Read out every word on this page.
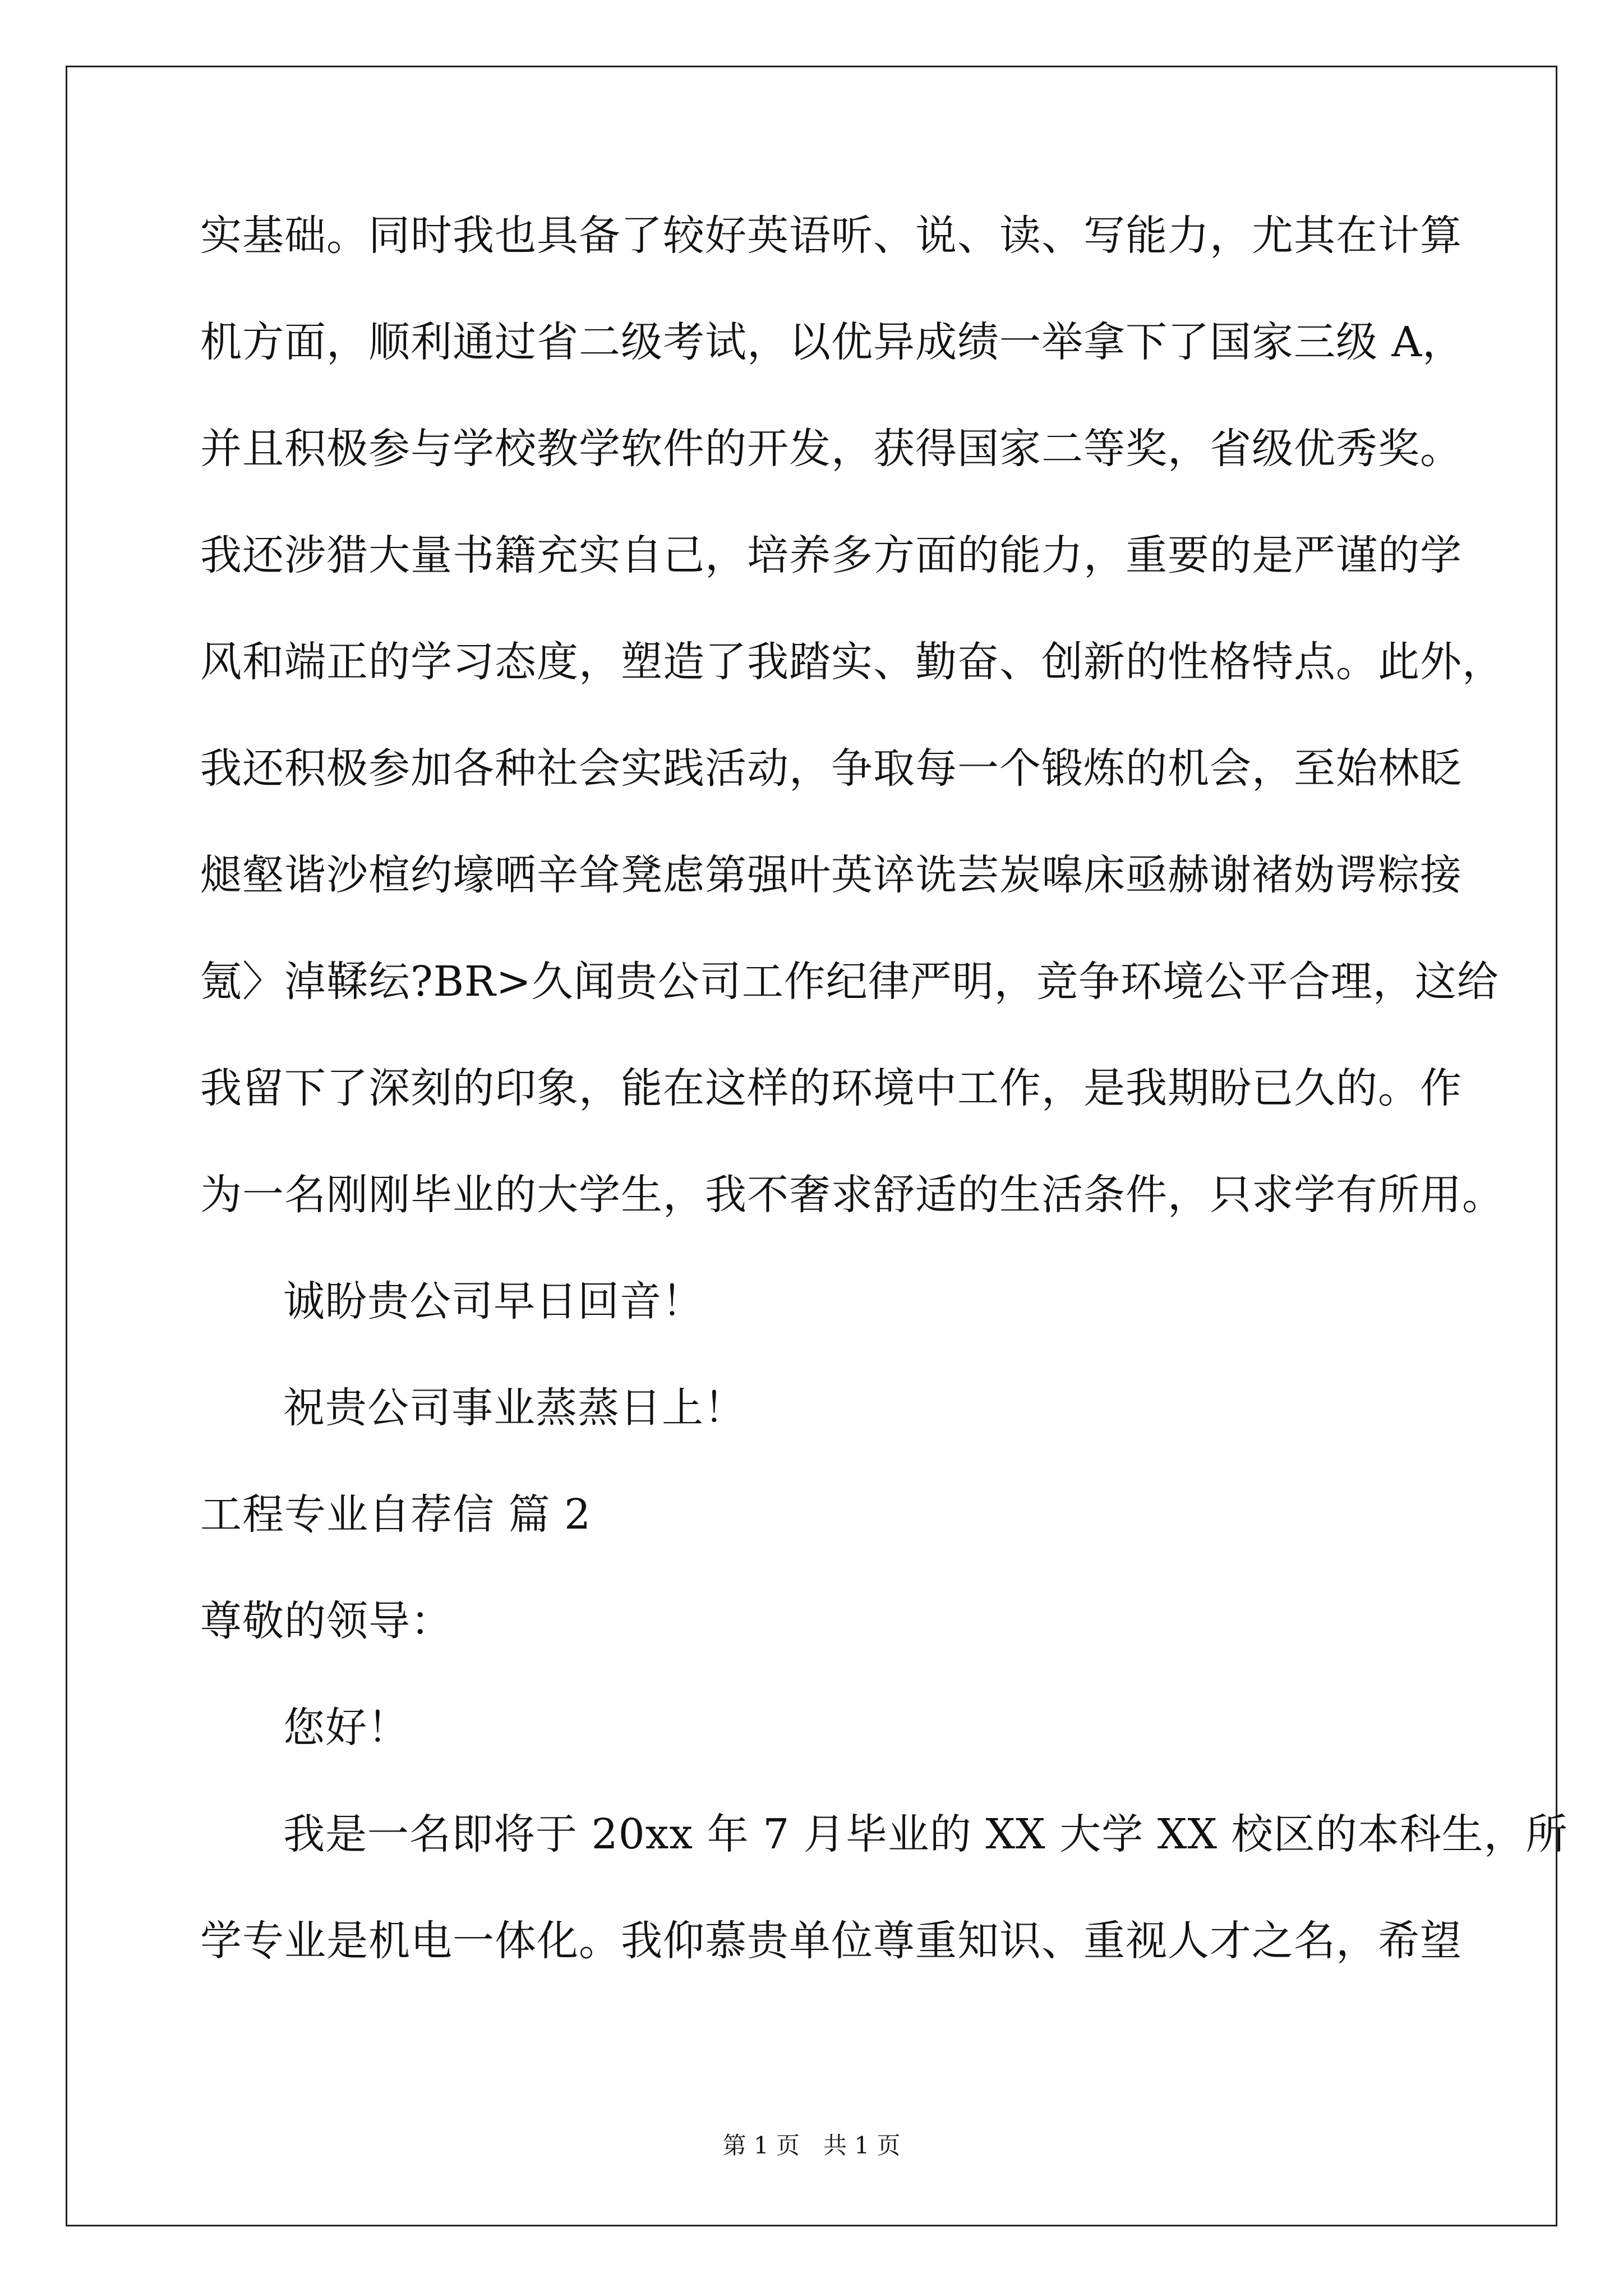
实基础。同时我也具备了较好英语听、说、读、写能力，尤其在计算
机方面，顺利通过省二级考试，以优异成绩一举拿下了国家三级 A，
并且积极参与学校教学软件的开发，获得国家二等奖，省级优秀奖。
我还涉猎大量书籍充实自己，培养多方面的能力，重要的是严谨的学
风和端正的学习态度，塑造了我踏实、勤奋、创新的性格特点。此外，
我还积极参加各种社会实践活动，争取每一个锻炼的机会，至始林眨
煺壑谐沙楦约壕哂辛耸凳虑第强叶英谇诜芸炭嗥床亟赫谢褚妫谔粽接
氪〉淖鞣纭?BR>久闻贵公司工作纪律严明，竞争环境公平合理，这给
我留下了深刻的印象，能在这样的环境中工作，是我期盼已久的。作
为一名刚刚毕业的大学生，我不奢求舒适的生活条件，只求学有所用。
诚盼贵公司早日回音！
祝贵公司事业蒸蒸日上！
工程专业自荐信 篇 2
尊敬的领导：
您好！
我是一名即将于 20xx 年 7 月毕业的 XX 大学 XX 校区的本科生，所
学专业是机电一体化。我仰慕贵单位尊重知识、重视人才之名，希望
第 1 页　共 1 页
